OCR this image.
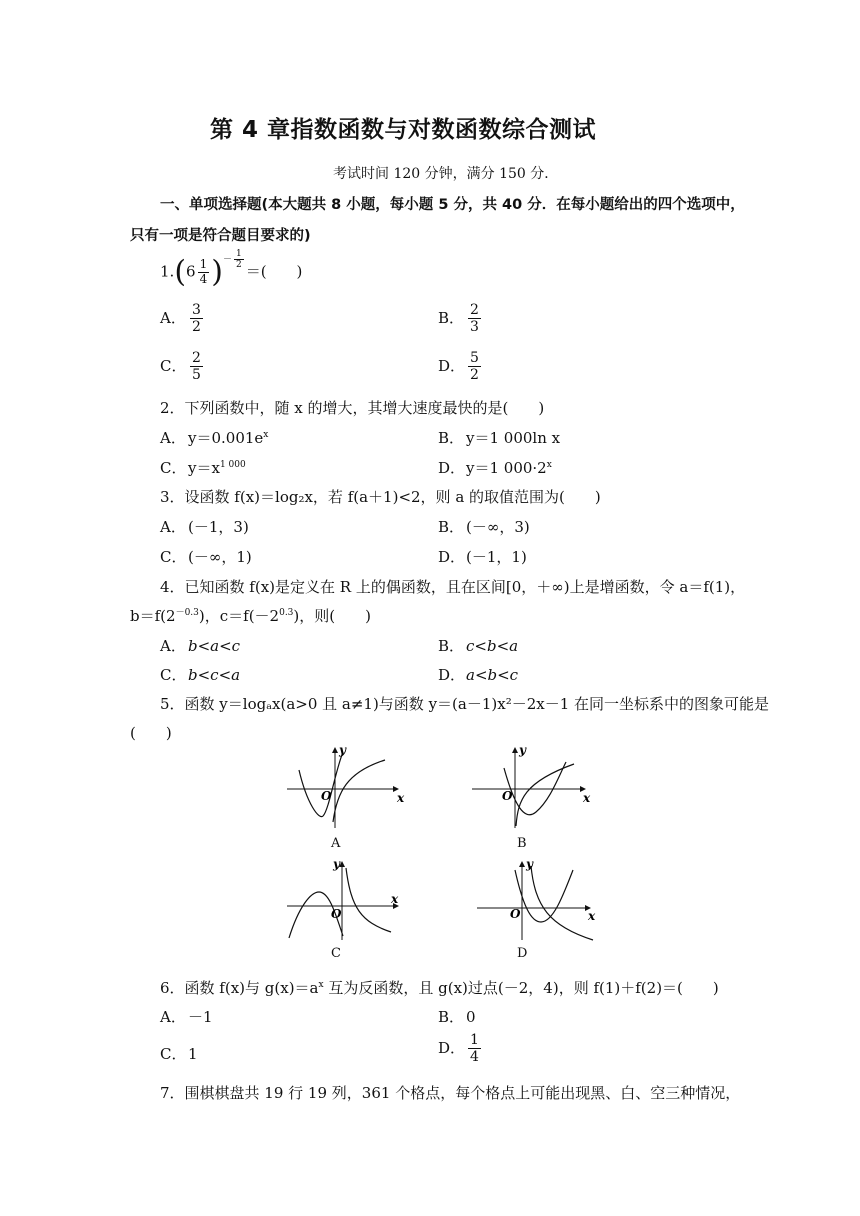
第 4 章指数函数与对数函数综合测试
考试时间 120 分钟，满分 150 分．
一、单项选择题(本大题共 8 小题，每小题 5 分，共 40 分．在每小题给出的四个选项中，
只有一项是符合题目要求的)
$1.(6 \frac{1}{4} )^{- \frac{1}{2}}$
＝(　　)
A． $\frac{3}{2}$	B． $\frac{2}{3}$
C． $\frac{2}{5}$	D． $\frac{5}{2}$
2．下列函数中，随 x 的增大，其增大速度最快的是(　　)
A． $y=0.001e^x$	B． y＝1 000ln x
C． $y=x^{1 000}$	D．y＝1 $000\cdot 2^x$
3．设函数 f(x)＝log₂x，若 f(a＋1)<2，则 a 的取值范围为(　　)
A． (－1，3)	B． (－∞，3)
C． (－∞，1)	D．(－1，1)
4．已知函数 f(x)是定义在 R 上的偶函数，且在区间[0，＋∞)上是增函数，令 a＝f(1)，
$b=f(2^{-0.3})$，$c=f(-2^{0.3})$，则(　　)
A． b<a<c	B． c<b<a
C． b<c<a	D．a<b<c
5．函数 y＝logₐx(a>0 且 a≠1)与函数 y＝(a－1)x²－2x－1 在同一坐标系中的图象可能是
(　　)
O	x
y
A
O	x
y
B
O
x
y
C
O	x
y
D
6．函数 f(x)与 $g(x)=a^x$ 互为反函数，且 g(x)过点(－2，4)，则 f(1)＋f(2)＝(　　)
A． －1	B． 0
C． 1	D． $\frac{1}{4}$
7．围棋棋盘共 19 行 19 列，361 个格点，每个格点上可能出现黑、白、空三种情况，
